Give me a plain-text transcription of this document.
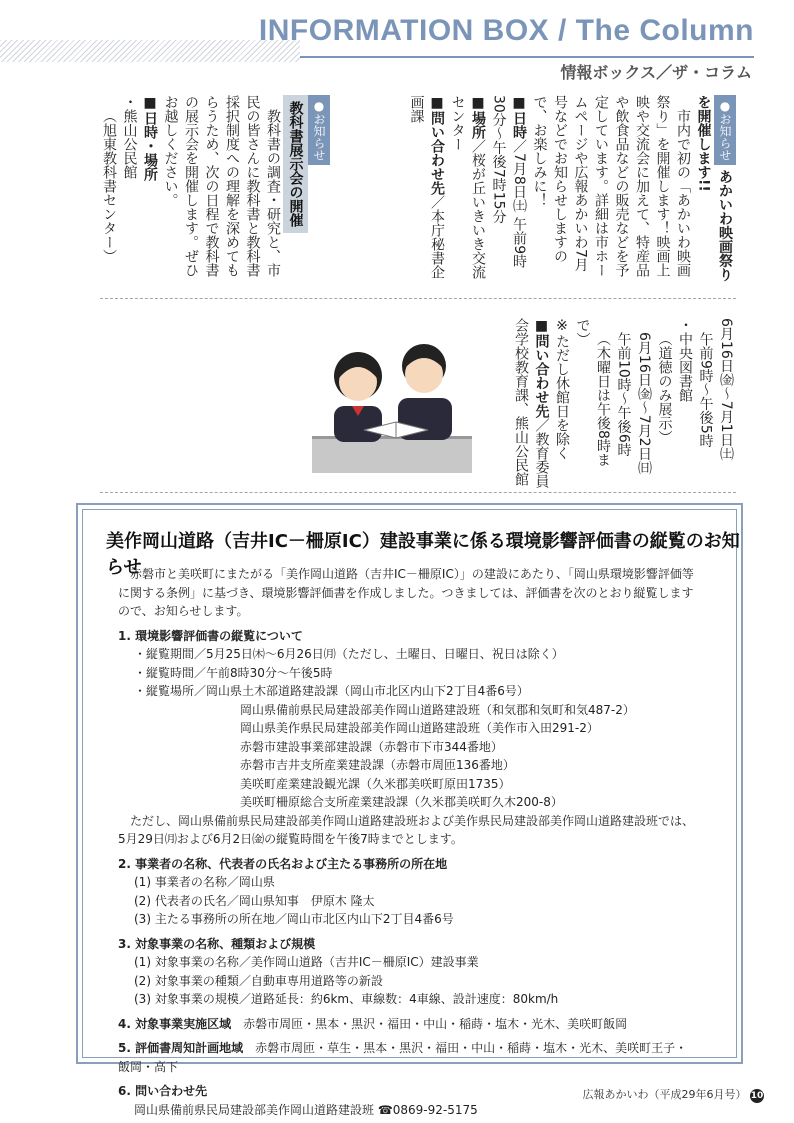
INFORMATION BOX / The Column
情報ボックス／ザ・コラム
●お知らせ あかいわ映画祭りを開催します!!
市内で初の「あかいわ映画祭り」を開催します！映画上映や交流会に加えて、特産品や飲食品などの販売などを予定しています。詳細は市ホームページや広報あかいわ7月号などでお知らせしますので、お楽しみに！
■日時／7月8日㈯ 午前9時30分～午後7時15分
■場所／桜が丘いきいき交流センター
■問い合わせ先／本庁秘書企画課
●お知らせ 教科書展示会の開催
教科書の調査・研究と、市民の皆さんに教科書と教科書採択制度への理解を深めてもらうため、次の日程で教科書の展示会を開催します。ぜひお越しください。
■日時・場所
・熊山公民館
（旭東教科書センター）
6月16日㈮～7月1日㈯
午前9時～午後5時
・中央図書館
（道徳のみ展示）
6月16日㈮～7月2日㈰
午前10時～午後6時
（木曜日は午後8時まで）
※ただし休館日を除く
■問い合わせ先／教育委員会学校教育課、熊山公民館
美作岡山道路（吉井IC－柵原IC）建設事業に係る環境影響評価書の縦覧のお知らせ

赤磐市と美咲町にまたがる「美作岡山道路（吉井IC－柵原IC）」の建設にあたり、「岡山県環境影響評価等に関する条例」に基づき、環境影響評価書を作成しました。つきましては、評価書を次のとおり縦覧しますので、お知らせします。

1. 環境影響評価書の縦覧について

・縦覧期間／5月25日㈭～6月26日㈪（ただし、土曜日、日曜日、祝日は除く）

・縦覧時間／午前8時30分～午後5時

・縦覧場所／岡山県土木部道路建設課（岡山市北区内山下2丁目4番6号）

岡山県備前県民局建設部美作岡山道路建設班（和気郡和気町和気487-2）

岡山県美作県民局建設部美作岡山道路建設班（美作市入田291-2）

赤磐市建設事業部建設課（赤磐市下市344番地）

赤磐市吉井支所産業建設課（赤磐市周匝136番地）

美咲町産業建設観光課（久米郡美咲町原田1735）

美咲町柵原総合支所産業建設課（久米郡美咲町久木200-8）

ただし、岡山県備前県民局建設部美作岡山道路建設班および美作県民局建設部美作岡山道路建設班では、5月29日㈪および6月2日㈮の縦覧時間を午後7時までとします。

2. 事業者の名称、代表者の氏名および主たる事務所の所在地

(1) 事業者の名称／岡山県

(2) 代表者の氏名／岡山県知事　伊原木 隆太

(3) 主たる事務所の所在地／岡山市北区内山下2丁目4番6号

3. 対象事業の名称、種類および規模

(1) 対象事業の名称／美作岡山道路（吉井IC－柵原IC）建設事業

(2) 対象事業の種類／自動車専用道路等の新設

(3) 対象事業の規模／道路延長：約6km、車線数：4車線、設計速度：80km/h

4. 対象事業実施区域　 赤磐市周匝・黒本・黒沢・福田・中山・稲蒔・塩木・光木、美咲町飯岡

5. 評価書周知計画地域　 赤磐市周匝・草生・黒本・黒沢・福田・中山・稲蒔・塩木・光木、美咲町王子・飯岡・高下

6. 問い合わせ先

岡山県備前県民局建設部美作岡山道路建設班 ☎0869-92-5175

広報あかいわ（平成29年6月号） 10
